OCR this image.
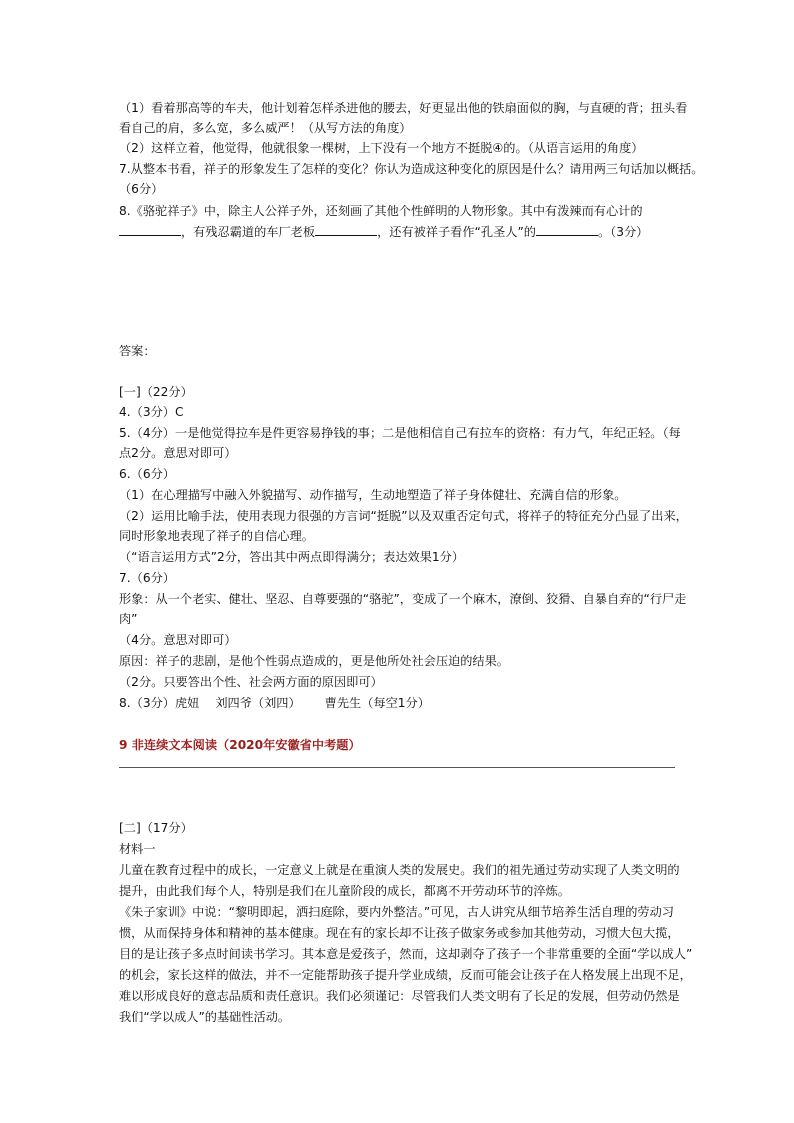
（1）看着那高等的车夫，他计划着怎样杀进他的腰去，好更显出他的铁扇面似的胸，与直硬的背；扭头看
看自己的肩，多么宽，多么威严！（从写方法的角度）
（2）这样立着，他觉得，他就很象一棵树，上下没有一个地方不挺脱④的。（从语言运用的角度）
7.从整本书看，祥子的形象发生了怎样的变化？你认为造成这种变化的原因是什么？请用两三句话加以概括。
（6分）
8.《骆驼祥子》中，除主人公祥子外，还刻画了其他个性鲜明的人物形象。其中有泼辣而有心计的
，有残忍霸道的车厂老板	，还有被祥子看作“孔圣人”的	。（3分）
答案：
[一]（22分）
4.（3分）C
5.（4分）一是他觉得拉车是件更容易挣钱的事；二是他相信自己有拉车的资格：有力气，年纪正轻。（每
点2分。意思对即可）
6.（6分）
（1）在心理描写中融入外貌描写、动作描写，生动地塑造了祥子身体健壮、充满自信的形象。
（2）运用比喻手法，使用表现力很强的方言词“挺脱”以及双重否定句式，将祥子的特征充分凸显了出来，
同时形象地表现了祥子的自信心理。
（“语言运用方式”2分，答出其中两点即得满分；表达效果1分）
7.（6分）
形象：从一个老实、健壮、坚忍、自尊要强的“骆驼”，变成了一个麻木，潦倒、狡猾、自暴自弃的“行尸走
肉”
（4分。意思对即可）
原因：祥子的悲剧，是他个性弱点造成的，更是他所处社会压迫的结果。
（2分。只要答出个性、社会两方面的原因即可）
8.（3分）虎妞 刘四爷（刘四） 曹先生（每空1分）
9 非连续文本阅读（2020年安徽省中考题）
[二]（17分）
材料一
儿童在教育过程中的成长，一定意义上就是在重演人类的发展史。我们的祖先通过劳动实现了人类文明的
提升，由此我们每个人，特别是我们在儿童阶段的成长，都离不开劳动环节的淬炼。
《朱子家训》中说：“黎明即起，洒扫庭除，要内外整洁。”可见，古人讲究从细节培养生活自理的劳动习
惯，从而保持身体和精神的基本健康。现在有的家长却不让孩子做家务或参加其他劳动，习惯大包大揽，
目的是让孩子多点时间读书学习。其本意是爱孩子，然而，这却剥夺了孩子一个非常重要的全面“学以成人”
的机会，家长这样的做法，并不一定能帮助孩子提升学业成绩，反而可能会让孩子在人格发展上出现不足，
难以形成良好的意志品质和责任意识。我们必须谨记：尽管我们人类文明有了长足的发展，但劳动仍然是
我们“学以成人”的基础性活动。
